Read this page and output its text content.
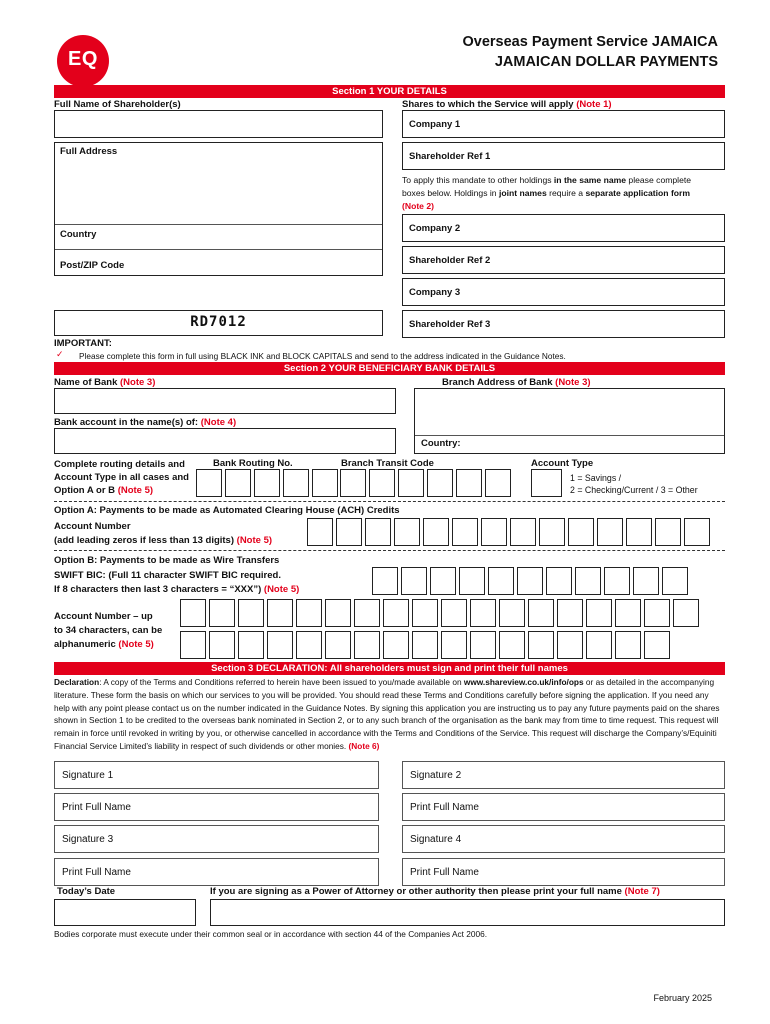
EQ
Overseas Payment Service JAMAICA
JAMAICAN DOLLAR PAYMENTS
Section 1 YOUR DETAILS
Full Name of Shareholder(s)	Shares to which the Service will apply (Note 1)
Company 1
Full Address
Country
Post/ZIP Code
Shareholder Ref 1
To apply this mandate to other holdings in the same name please complete boxes below. Holdings in joint names require a separate application form (Note 2)
Company 2
Shareholder Ref 2
Company 3
RD7012	Shareholder Ref 3
IMPORTANT:
✓ Please complete this form in full using BLACK INK and BLOCK CAPITALS and send to the address indicated in the Guidance Notes.
Section 2 YOUR BENEFICIARY BANK DETAILS
Name of Bank (Note 3)	Branch Address of Bank (Note 3)
Country:
Bank account in the name(s) of: (Note 4)
Complete routing details and
Account Type in all cases and
Option A or B (Note 5)
Bank Routing No.	Branch Transit Code	Account Type
1 = Savings /
2 = Checking/Current / 3 = Other
Option A: Payments to be made as Automated Clearing House (ACH) Credits
Account Number
(add leading zeros if less than 13 digits) (Note 5)
Option B: Payments to be made as Wire Transfers
SWIFT BIC: (Full 11 character SWIFT BIC required.
If 8 characters then last 3 characters = “XXX”) (Note 5)
Account Number – up
to 34 characters, can be
alphanumeric (Note 5)
Section 3 DECLARATION: All shareholders must sign and print their full names
Declaration: A copy of the Terms and Conditions referred to herein have been issued to you/made available on www.shareview.co.uk/info/ops or as detailed in the accompanying literature. These form the basis on which our services to you will be provided. You should read these Terms and Conditions carefully before signing the application. If you need any help with any point please contact us on the number indicated in the Guidance Notes. By signing this application you are instructing us to pay any future payments paid on the shares shown in Section 1 to be credited to the overseas bank nominated in Section 2, or to any such branch of the organisation as the bank may from time to time request. This request will remain in force until revoked in writing by you, or otherwise cancelled in accordance with the Terms and Conditions of the Service. This request will discharge the Company’s/Equiniti Financial Service Limited’s liability in respect of such dividends or other monies. (Note 6)
Signature 1	Signature 2
Print Full Name	Print Full Name
Signature 3	Signature 4
Print Full Name	Print Full Name
Today’s Date	If you are signing as a Power of Attorney or other authority then please print your full name (Note 7)
Bodies corporate must execute under their common seal or in accordance with section 44 of the Companies Act 2006.
February 2025
